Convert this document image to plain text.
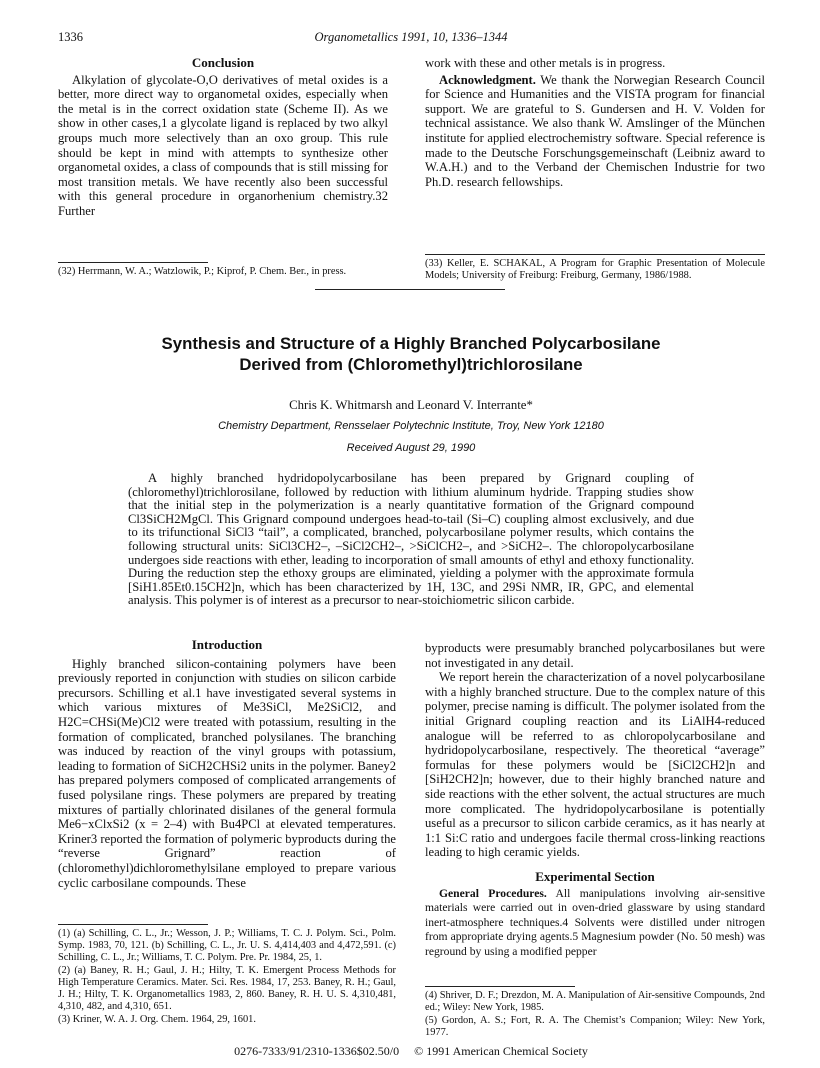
1336	Organometallics 1991, 10, 1336–1344
Conclusion

Alkylation of glycolate-O,O derivatives of metal oxides is a better, more direct way to organometal oxides, especially when the metal is in the correct oxidation state (Scheme II). As we show in other cases,1 a glycolate ligand is replaced by two alkyl groups much more selectively than an oxo group. This rule should be kept in mind with attempts to synthesize other organometal oxides, a class of compounds that is still missing for most transition metals. We have recently also been successful with this general procedure in organorhenium chemistry.32 Further

work with these and other metals is in progress.

Acknowledgment. We thank the Norwegian Research Council for Science and Humanities and the VISTA program for financial support. We are grateful to S. Gundersen and H. V. Volden for technical assistance. We also thank W. Amslinger of the München institute for applied electrochemistry software. Special reference is made to the Deutsche Forschungsgemeinschaft (Leibniz award to W.A.H.) and to the Verband der Chemischen Industrie for two Ph.D. research fellowships.

(32) Herrmann, W. A.; Watzlowik, P.; Kiprof, P. Chem. Ber., in press.
(33) Keller, E. SCHAKAL, A Program for Graphic Presentation of Molecule Models; University of Freiburg: Freiburg, Germany, 1986/1988.
Synthesis and Structure of a Highly Branched Polycarbosilane
Derived from (Chloromethyl)trichlorosilane
Chris K. Whitmarsh and Leonard V. Interrante*
Chemistry Department, Rensselaer Polytechnic Institute, Troy, New York 12180
Received August 29, 1990

A highly branched hydridopolycarbosilane has been prepared by Grignard coupling of (chloromethyl)trichlorosilane, followed by reduction with lithium aluminum hydride. Trapping studies show that the initial step in the polymerization is a nearly quantitative formation of the Grignard compound Cl3SiCH2MgCl. This Grignard compound undergoes head-to-tail (Si–C) coupling almost exclusively, and due to its trifunctional SiCl3 “tail”, a complicated, branched, polycarbosilane polymer results, which contains the following structural units: SiCl3CH2–, –SiCl2CH2–, >SiClCH2–, and >SiCH2–. The chloropolycarbosilane undergoes side reactions with ether, leading to incorporation of small amounts of ethyl and ethoxy functionality. During the reduction step the ethoxy groups are eliminated, yielding a polymer with the approximate formula [SiH1.85Et0.15CH2]n, which has been characterized by 1H, 13C, and 29Si NMR, IR, GPC, and elemental analysis. This polymer is of interest as a precursor to near-stoichiometric silicon carbide.

Introduction

Highly branched silicon-containing polymers have been previously reported in conjunction with studies on silicon carbide precursors. Schilling et al.1 have investigated several systems in which various mixtures of Me3SiCl, Me2SiCl2, and H2C=CHSi(Me)Cl2 were treated with potassium, resulting in the formation of complicated, branched polysilanes. The branching was induced by reaction of the vinyl groups with potassium, leading to formation of SiCH2CHSi2 units in the polymer. Baney2 has prepared polymers composed of complicated arrangements of fused polysilane rings. These polymers are prepared by treating mixtures of partially chlorinated disilanes of the general formula Me6−xClxSi2 (x = 2–4) with Bu4PCl at elevated temperatures. Kriner3 reported the formation of polymeric byproducts during the “reverse Grignard” reaction of (chloromethyl)dichloromethylsilane employed to prepare various cyclic carbosilane compounds. These

byproducts were presumably branched polycarbosilanes but were not investigated in any detail.

We report herein the characterization of a novel polycarbosilane with a highly branched structure. Due to the complex nature of this polymer, precise naming is difficult. The polymer isolated from the initial Grignard coupling reaction and its LiAlH4-reduced analogue will be referred to as chloropolycarbosilane and hydridopolycarbosilane, respectively. The theoretical “average” formulas for these polymers would be [SiCl2CH2]n and [SiH2CH2]n; however, due to their highly branched nature and side reactions with the ether solvent, the actual structures are much more complicated. The hydridopolycarbosilane is potentially useful as a precursor to silicon carbide ceramics, as it has nearly at 1:1 Si:C ratio and undergoes facile thermal cross-linking reactions leading to high ceramic yields.

Experimental Section

General Procedures. All manipulations involving air-sensitive materials were carried out in oven-dried glassware by using standard inert-atmosphere techniques.4 Solvents were distilled under nitrogen from appropriate drying agents.5 Magnesium powder (No. 50 mesh) was reground by using a modified pepper

(1) (a) Schilling, C. L., Jr.; Wesson, J. P.; Williams, T. C. J. Polym. Sci., Polm. Symp. 1983, 70, 121. (b) Schilling, C. L., Jr. U. S. 4,414,403 and 4,472,591. (c) Schilling, C. L., Jr.; Williams, T. C. Polym. Pre. Pr. 1984, 25, 1.

(2) (a) Baney, R. H.; Gaul, J. H.; Hilty, T. K. Emergent Process Methods for High Temperature Ceramics. Mater. Sci. Res. 1984, 17, 253. Baney, R. H.; Gaul, J. H.; Hilty, T. K. Organometallics 1983, 2, 860. Baney, R. H. U. S. 4,310,481, 4,310, 482, and 4,310, 651.

(3) Kriner, W. A. J. Org. Chem. 1964, 29, 1601.

(4) Shriver, D. F.; Drezdon, M. A. Manipulation of Air-sensitive Compounds, 2nd ed.; Wiley: New York, 1985.

(5) Gordon, A. S.; Fort, R. A. The Chemist’s Companion; Wiley: New York, 1977.

0276-7333/91/2310-1336$02.50/0 © 1991 American Chemical Society
